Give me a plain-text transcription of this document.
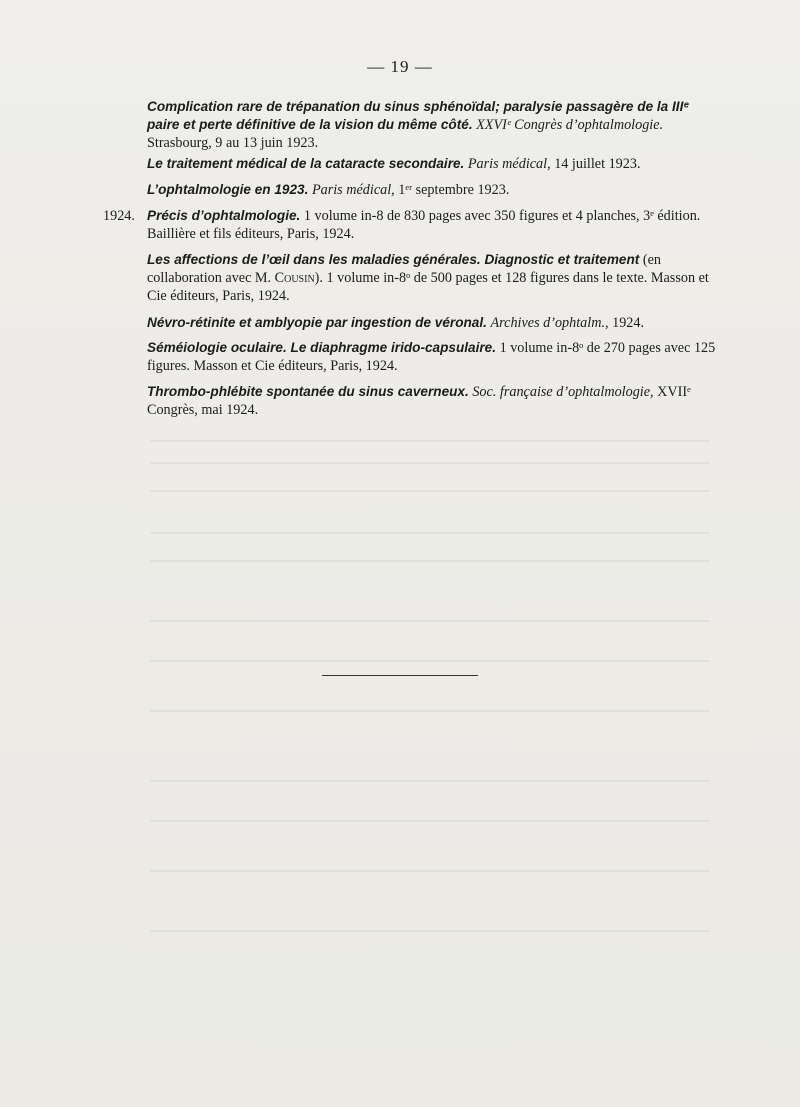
— 19 —
Complication rare de trépanation du sinus sphénoïdal; paralysie passagère de la IIIᵉ paire et perte définitive de la vision du même côté. XXVIᵉ Congrès d’ophtalmologie. Strasbourg, 9 au 13 juin 1923.
Le traitement médical de la cataracte secondaire. Paris médical, 14 juillet 1923.
L’ophtalmologie en 1923. Paris médical, 1ᵉʳ septembre 1923.
1924. Précis d’ophtalmologie. 1 volume in-8 de 830 pages avec 350 figures et 4 planches, 3ᵉ édition. Baillière et fils éditeurs, Paris, 1924.
Les affections de l’œil dans les maladies générales. Diagnostic et traitement (en collaboration avec M. Cousin). 1 volume in-8ᵒ de 500 pages et 128 figures dans le texte. Masson et Cie éditeurs, Paris, 1924.
Névro-rétinite et amblyopie par ingestion de véronal. Archives d’ophtalm., 1924.
Séméiologie oculaire. Le diaphragme irido-capsulaire. 1 volume in-8ᵒ de 270 pages avec 125 figures. Masson et Cie éditeurs, Paris, 1924.
Thrombo-phlébite spontanée du sinus caverneux. Soc. française d’ophtalmologie, XVIIᵉ Congrès, mai 1924.
